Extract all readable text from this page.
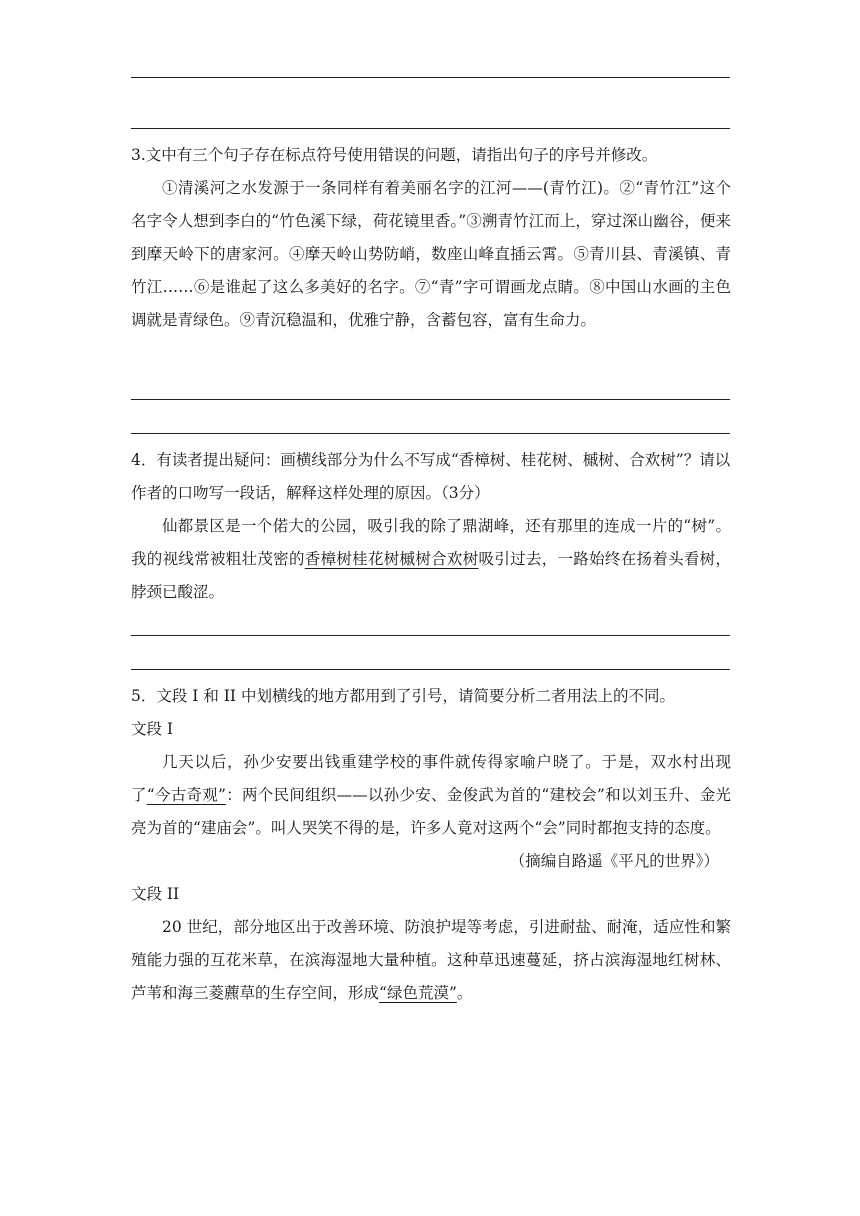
3.文中有三个句子存在标点符号使用错误的问题，请指出句子的序号并修改。

①清溪河之水发源于一条同样有着美丽名字的江河——(青竹江)。②“青竹江”这个名字令人想到李白的“竹色溪下绿，荷花镜里香。”③溯青竹江而上，穿过深山幽谷，便来到摩天岭下的唐家河。④摩天岭山势防峭，数座山峰直插云霄。⑤青川县、青溪镇、青竹江……⑥是谁起了这么多美好的名字。⑦“青”字可谓画龙点睛。⑧中国山水画的主色调就是青绿色。⑨青沉稳温和，优雅宁静，含蓄包容，富有生命力。

4．有读者提出疑问：画横线部分为什么不写成“香樟树、桂花树、槭树、合欢树”？请以作者的口吻写一段话，解释这样处理的原因。（3分）

仙都景区是一个偌大的公园，吸引我的除了鼎湖峰，还有那里的连成一片的“树”。我的视线常被粗壮茂密的香樟树桂花树槭树合欢树吸引过去，一路始终在扬着头看树，脖颈已酸涩。

5．文段 I 和 II 中划横线的地方都用到了引号，请简要分析二者用法上的不同。

文段 I

几天以后，孙少安要出钱重建学校的事件就传得家喻户晓了。于是，双水村出现了“今古奇观”：两个民间组织——以孙少安、金俊武为首的“建校会”和以刘玉升、金光亮为首的“建庙会”。叫人哭笑不得的是，许多人竟对这两个“会”同时都抱支持的态度。

（摘编自路遥《平凡的世界》）

文段 II

20 世纪，部分地区出于改善环境、防浪护堤等考虑，引进耐盐、耐淹，适应性和繁殖能力强的互花米草，在滨海湿地大量种植。这种草迅速蔓延，挤占滨海湿地红树林、芦苇和海三菱藨草的生存空间，形成“绿色荒漠”。
